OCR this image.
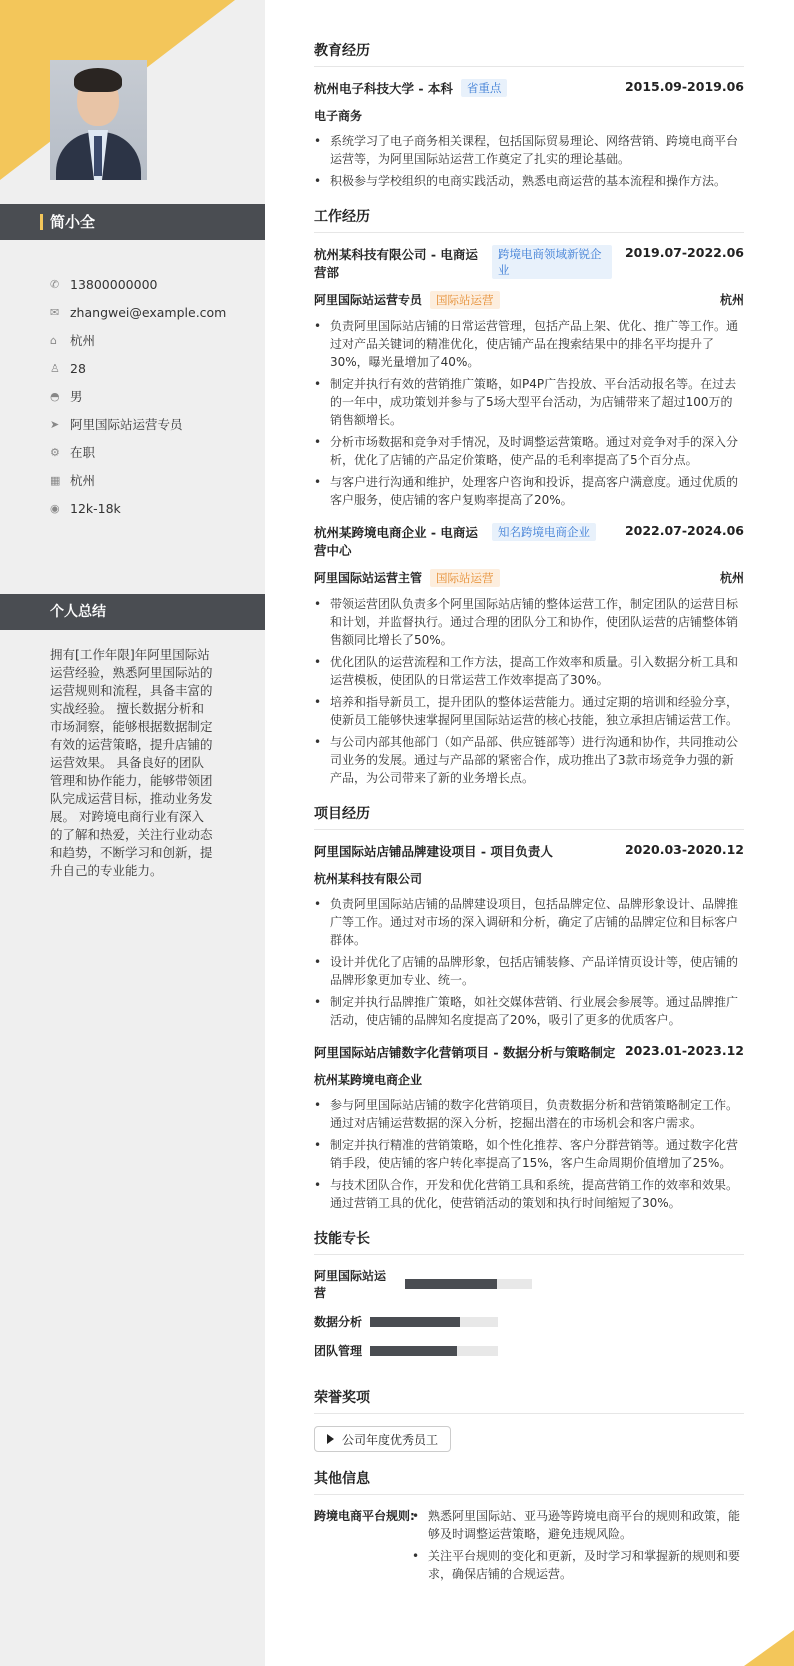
简小全
✆ 13800000000
✉ zhangwei@example.com
⌂	杭州
♙ 28
◓ 男
➤ 阿里国际站运营专员
⚙ 在职
▦ 杭州
◉ 12k-18k
个人总结
拥有[工作年限]年阿里国际站运营经验，熟悉阿里国际站的运营规则和流程，具备丰富的实战经验。 擅长数据分析和市场洞察，能够根据数据制定有效的运营策略，提升店铺的运营效果。 具备良好的团队管理和协作能力，能够带领团队完成运营目标，推动业务发展。 对跨境电商行业有深入的了解和热爱，关注行业动态和趋势，不断学习和创新，提升自己的专业能力。
教育经历
杭州电子科技大学 - 本科	省重点	2015.09-2019.06
电子商务
• 系统学习了电子商务相关课程，包括国际贸易理论、网络营销、跨境电商平台运营等，为阿里国际站运营工作奠定了扎实的理论基础。
• 积极参与学校组织的电商实践活动，熟悉电商运营的基本流程和操作方法。
工作经历
杭州某科技有限公司 - 电商运营部
跨境电商领域新锐企业
2019.07-2022.06
阿里国际站运营专员	国际站运营	杭州
• 负责阿里国际站店铺的日常运营管理，包括产品上架、优化、推广等工作。通过对产品关键词的精准优化，使店铺产品在搜索结果中的排名平均提升了30%，曝光量增加了40%。
• 制定并执行有效的营销推广策略，如P4P广告投放、平台活动报名等。在过去的一年中，成功策划并参与了5场大型平台活动，为店铺带来了超过100万的销售额增长。
• 分析市场数据和竞争对手情况，及时调整运营策略。通过对竞争对手的深入分析，优化了店铺的产品定价策略，使产品的毛利率提高了5个百分点。
• 与客户进行沟通和维护，处理客户咨询和投诉，提高客户满意度。通过优质的客户服务，使店铺的客户复购率提高了20%。
杭州某跨境电商企业 - 电商运营中心
知名跨境电商企业	2022.07-2024.06
阿里国际站运营主管	国际站运营	杭州
• 带领运营团队负责多个阿里国际站店铺的整体运营工作，制定团队的运营目标和计划，并监督执行。通过合理的团队分工和协作，使团队运营的店铺整体销售额同比增长了50%。
• 优化团队的运营流程和工作方法，提高工作效率和质量。引入数据分析工具和运营模板，使团队的日常运营工作效率提高了30%。
• 培养和指导新员工，提升团队的整体运营能力。通过定期的培训和经验分享，使新员工能够快速掌握阿里国际站运营的核心技能，独立承担店铺运营工作。
• 与公司内部其他部门（如产品部、供应链部等）进行沟通和协作，共同推动公司业务的发展。通过与产品部的紧密合作，成功推出了3款市场竞争力强的新产品，为公司带来了新的业务增长点。
项目经历
阿里国际站店铺品牌建设项目 - 项目负责人	2020.03-2020.12
杭州某科技有限公司
• 负责阿里国际站店铺的品牌建设项目，包括品牌定位、品牌形象设计、品牌推广等工作。通过对市场的深入调研和分析，确定了店铺的品牌定位和目标客户群体。
• 设计并优化了店铺的品牌形象，包括店铺装修、产品详情页设计等，使店铺的品牌形象更加专业、统一。
• 制定并执行品牌推广策略，如社交媒体营销、行业展会参展等。通过品牌推广活动，使店铺的品牌知名度提高了20%，吸引了更多的优质客户。
阿里国际站店铺数字化营销项目 - 数据分析与策略制定 2023.01-2023.12
杭州某跨境电商企业
• 参与阿里国际站店铺的数字化营销项目，负责数据分析和营销策略制定工作。通过对店铺运营数据的深入分析，挖掘出潜在的市场机会和客户需求。
• 制定并执行精准的营销策略，如个性化推荐、客户分群营销等。通过数字化营销手段，使店铺的客户转化率提高了15%，客户生命周期价值增加了25%。
• 与技术团队合作，开发和优化营销工具和系统，提高营销工作的效率和效果。通过营销工具的优化，使营销活动的策划和执行时间缩短了30%。
技能专长
阿里国际站运营
数据分析
团队管理
荣誉奖项
公司年度优秀员工
其他信息
跨境电商平台规则:
•	熟悉阿里国际站、亚马逊等跨境电商平台的规则和政策，能够及时调整运营策略，避免违规风险。
• 关注平台规则的变化和更新，及时学习和掌握新的规则和要求，确保店铺的合规运营。
